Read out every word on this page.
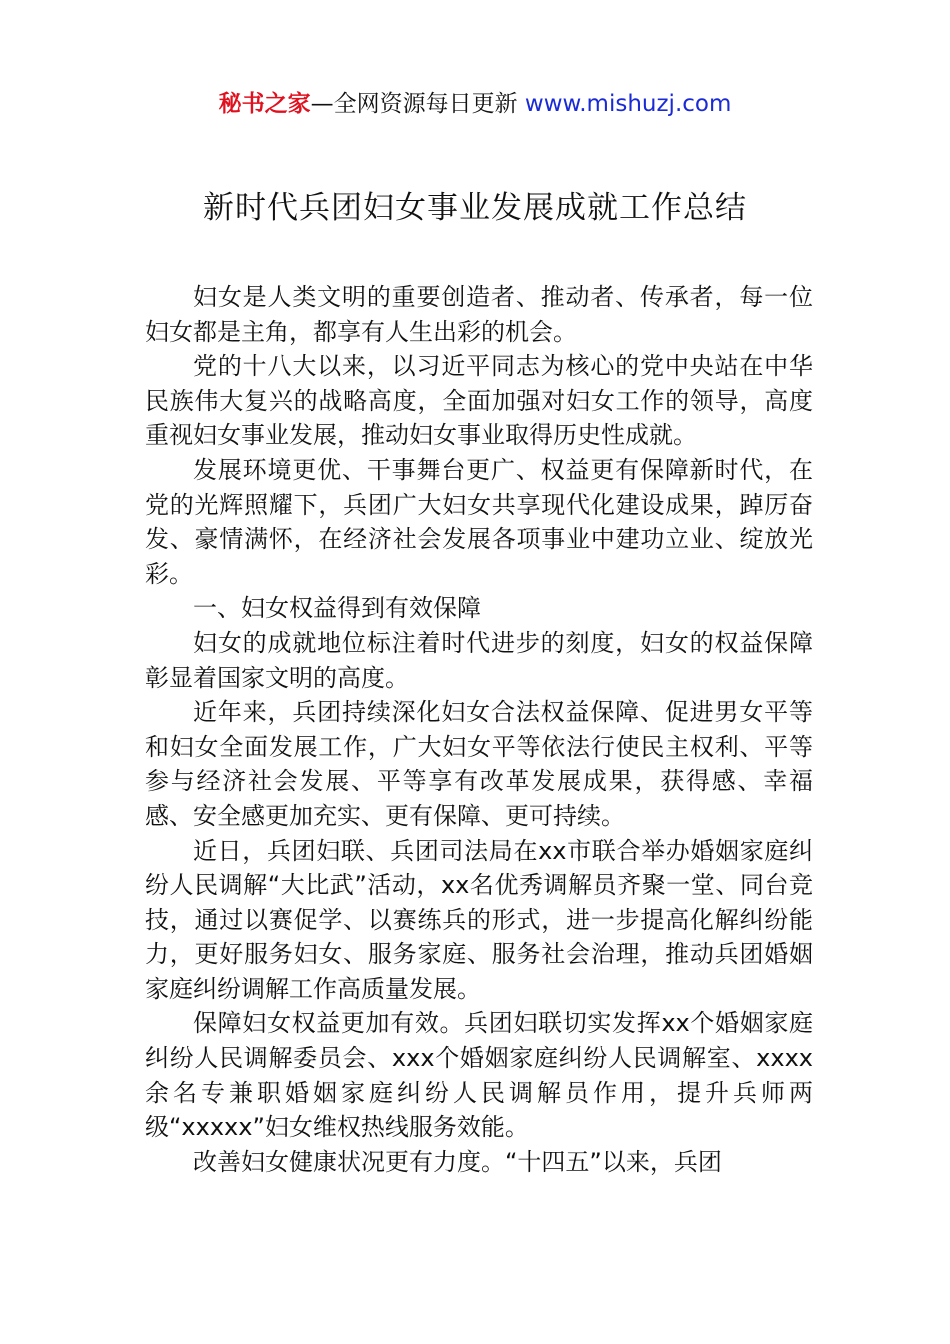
秘书之家—全网资源每日更新 www.mishuzj.com
新时代兵团妇女事业发展成就工作总结

妇女是人类文明的重要创造者、推动者、传承者，每一位妇女都是主角，都享有人生出彩的机会。

党的十八大以来，以习近平同志为核心的党中央站在中华民族伟大复兴的战略高度，全面加强对妇女工作的领导，高度重视妇女事业发展，推动妇女事业取得历史性成就。

发展环境更优、干事舞台更广、权益更有保障新时代，在党的光辉照耀下，兵团广大妇女共享现代化建设成果，踔厉奋发、豪情满怀，在经济社会发展各项事业中建功立业、绽放光彩。

一、妇女权益得到有效保障

妇女的成就地位标注着时代进步的刻度，妇女的权益保障彰显着国家文明的高度。

近年来，兵团持续深化妇女合法权益保障、促进男女平等和妇女全面发展工作，广大妇女平等依法行使民主权利、平等参与经济社会发展、平等享有改革发展成果，获得感、幸福感、安全感更加充实、更有保障、更可持续。

近日，兵团妇联、兵团司法局在xx市联合举办婚姻家庭纠纷人民调解“大比武”活动，xx名优秀调解员齐聚一堂、同台竞技，通过以赛促学、以赛练兵的形式，进一步提高化解纠纷能力，更好服务妇女、服务家庭、服务社会治理，推动兵团婚姻家庭纠纷调解工作高质量发展。

保障妇女权益更加有效。兵团妇联切实发挥xx个婚姻家庭纠纷人民调解委员会、xxx个婚姻家庭纠纷人民调解室、xxxx余名专兼职婚姻家庭纠纷人民调解员作用，提升兵师两级“xxxxx”妇女维权热线服务效能。

改善妇女健康状况更有力度。“十四五”以来，兵团
